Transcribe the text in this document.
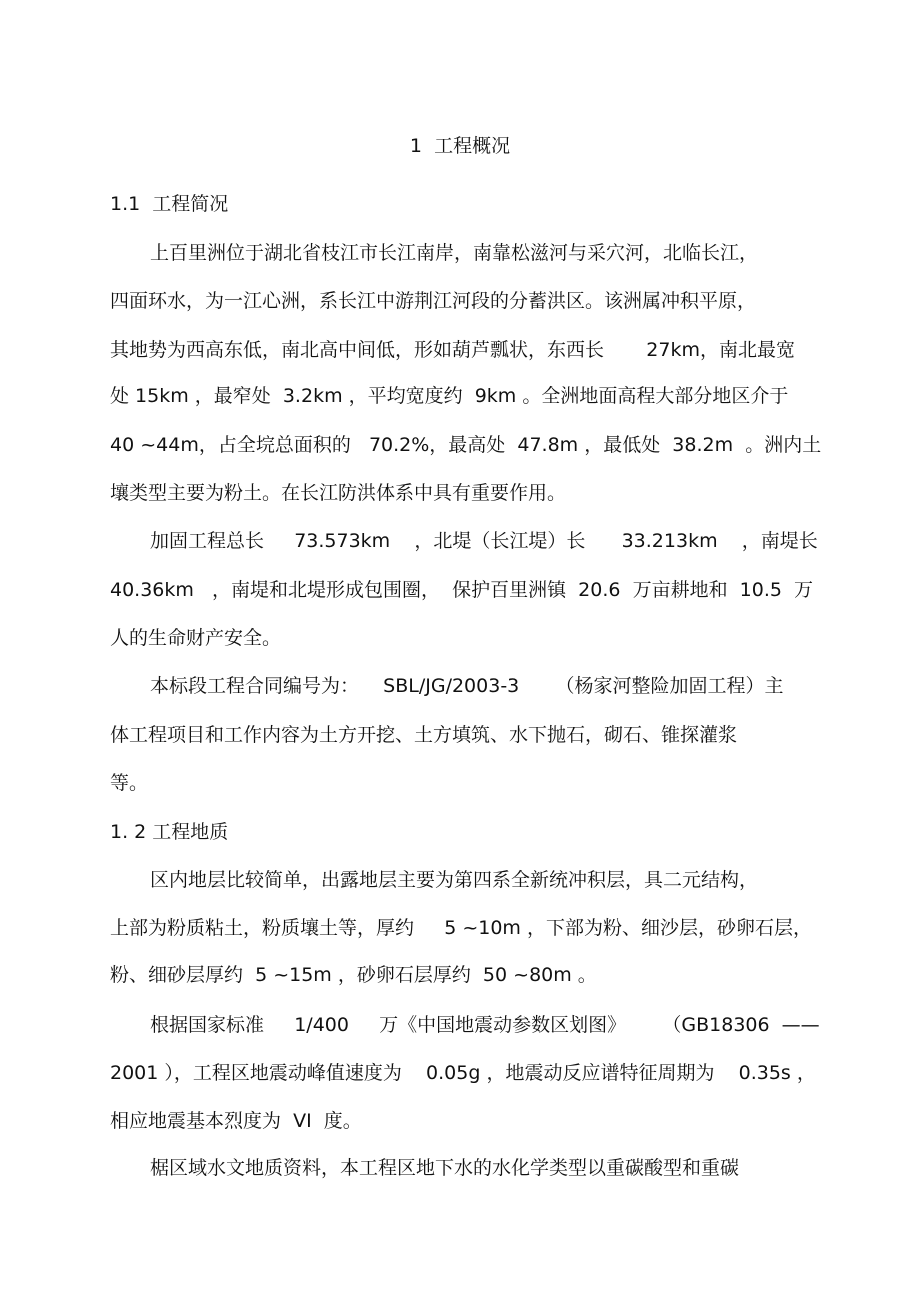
1  工程概况
1.1  工程简况
上百里洲位于湖北省枝江市长江南岸，南靠松滋河与采穴河，北临长江，
四面环水，为一江心洲，系长江中游荆江河段的分蓄洪区。该洲属冲积平原，
其地势为西高东低，南北高中间低，形如葫芦瓢状，东西长       27km，南北最宽
处 15km ，最窄处  3.2km ，平均宽度约  9km 。全洲地面高程大部分地区介于
40 ~44m，占全垸总面积的   70.2%，最高处  47.8m ，最低处  38.2m  。洲内土
壤类型主要为粉土。在长江防洪体系中具有重要作用。
加固工程总长     73.573km    ，北堤（长江堤）长      33.213km    ，南堤长
40.36km   ，南堤和北堤形成包围圈，  保护百里洲镇  20.6  万亩耕地和  10.5  万
人的生命财产安全。
本标段工程合同编号为：    SBL/JG/2003-3      （杨家河整险加固工程）主
体工程项目和工作内容为土方开挖、土方填筑、水下抛石，砌石、锥探灌浆
等。
1. 2 工程地质
区内地层比较简单，出露地层主要为第四系全新统冲积层，具二元结构，
上部为粉质粘土，粉质壤土等，厚约     5 ~10m ，下部为粉、细沙层，砂卵石层，
粉、细砂层厚约  5 ~15m ，砂卵石层厚约  50 ~80m 。
根据国家标准     1/400     万《中国地震动参数区划图》      （GB18306  ——
2001 ），工程区地震动峰值速度为    0.05g ，地震动反应谱特征周期为    0.35s ，
相应地震基本烈度为  VI  度。
椐区域水文地质资料，本工程区地下水的水化学类型以重碳酸型和重碳
